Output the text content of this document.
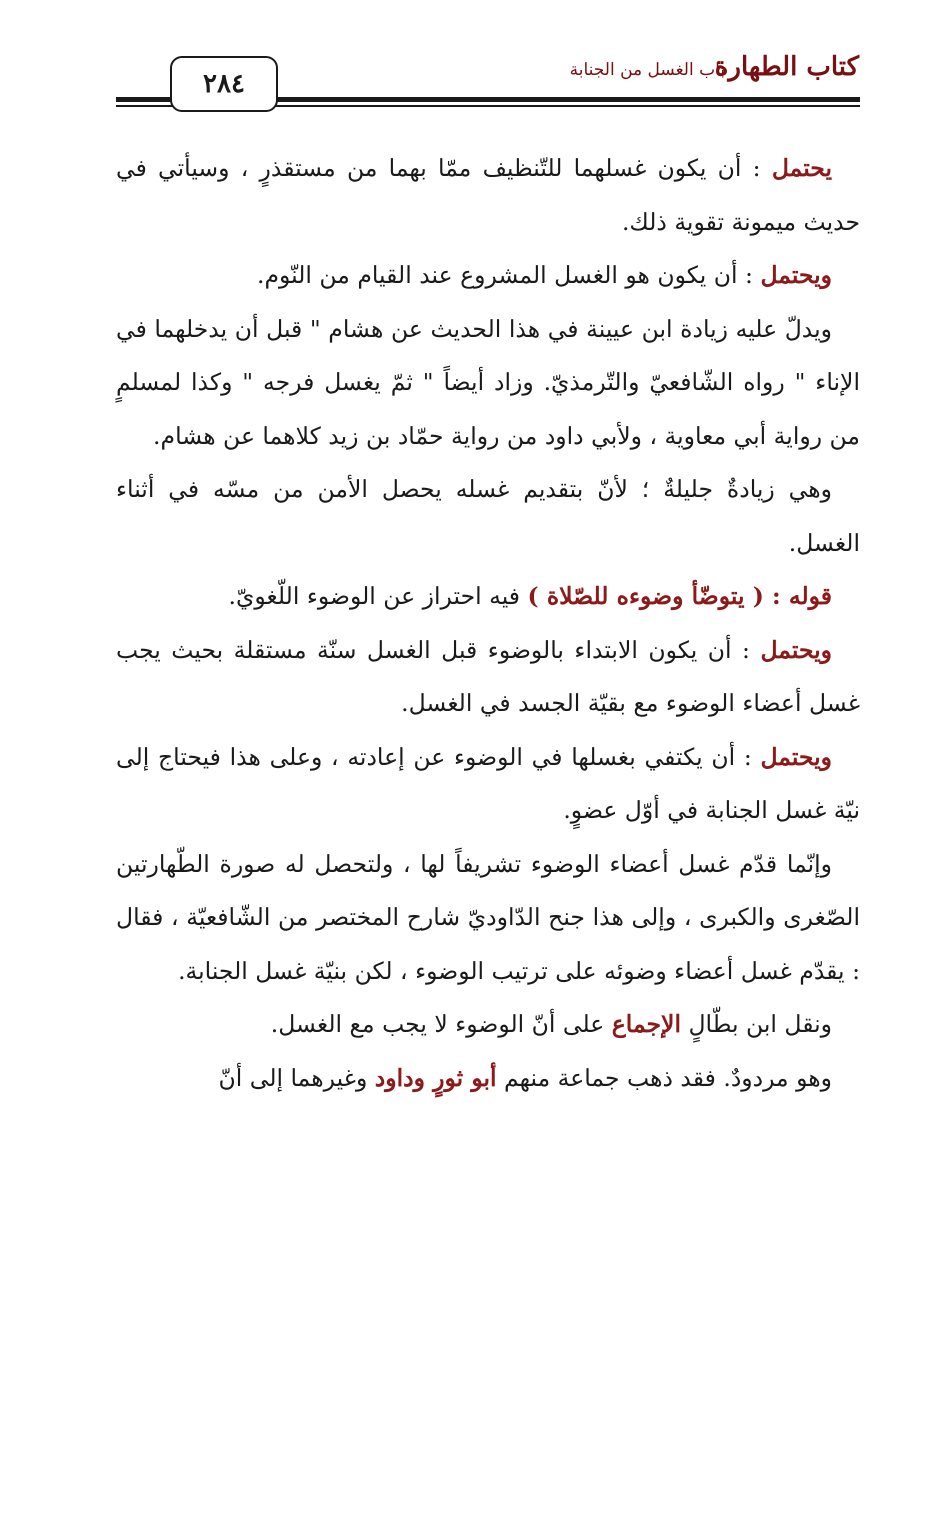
كتاب الطهارة
باب الغسل من الجنابة
٢٨٤

يحتمل : أن يكون غسلهما للتّنظيف ممّا بهما من مستقذرٍ ، وسيأتي في حديث ميمونة تقوية ذلك.

ويحتمل : أن يكون هو الغسل المشروع عند القيام من النّوم.

ويدلّ عليه زيادة ابن عيينة في هذا الحديث عن هشام " قبل أن يدخلهما في الإناء " رواه الشّافعيّ والتّرمذيّ. وزاد أيضاً " ثمّ يغسل فرجه " وكذا لمسلمٍ من رواية أبي معاوية ، ولأبي داود من رواية حمّاد بن زيد كلاهما عن هشام.

وهي زيادةٌ جليلةٌ ؛ لأنّ بتقديم غسله يحصل الأمن من مسّه في أثناء الغسل.

قوله : ( يتوضّأ وضوءه للصّلاة ) فيه احتراز عن الوضوء اللّغويّ.

ويحتمل : أن يكون الابتداء بالوضوء قبل الغسل سنّة مستقلة بحيث يجب غسل أعضاء الوضوء مع بقيّة الجسد في الغسل.

ويحتمل : أن يكتفي بغسلها في الوضوء عن إعادته ، وعلى هذا فيحتاج إلى نيّة غسل الجنابة في أوّل عضوٍ.

وإنّما قدّم غسل أعضاء الوضوء تشريفاً لها ، ولتحصل له صورة الطّهارتين الصّغرى والكبرى ، وإلى هذا جنح الدّاوديّ شارح المختصر من الشّافعيّة ، فقال : يقدّم غسل أعضاء وضوئه على ترتيب الوضوء ، لكن بنيّة غسل الجنابة.

ونقل ابن بطّالٍ الإجماع على أنّ الوضوء لا يجب مع الغسل.

وهو مردودٌ. فقد ذهب جماعة منهم أبو ثورٍ وداود وغيرهما إلى أنّ
